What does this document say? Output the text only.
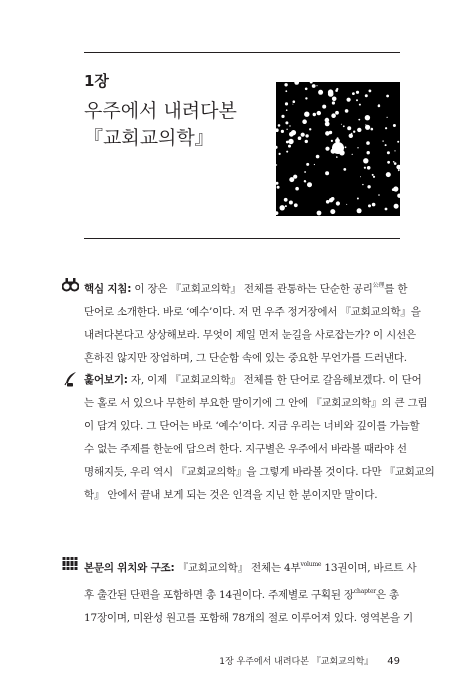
1장
우주에서 내려다본
『교회교의학』
핵심 지침: 이 장은 『교회교의학』 전체를 관통하는 단순한 공리$^{公理}$를 한
단어로 소개한다. 바로 ‘예수’이다. 저 먼 우주 정거장에서 『교회교의학』을
내려다본다고 상상해보라. 무엇이 제일 먼저 눈길을 사로잡는가? 이 시선은
흔하진 않지만 장엄하며, 그 단순함 속에 있는 중요한 무언가를 드러낸다.
훑어보기: 자, 이제 『교회교의학』 전체를 한 단어로 갈음해보겠다. 이 단어
는 홀로 서 있으나 무한히 부요한 말이기에 그 안에 『교회교의학』의 큰 그림
이 담겨 있다. 그 단어는 바로 ‘예수’이다. 지금 우리는 너비와 깊이를 가늠할
수 없는 주제를 한눈에 담으려 한다. 지구별은 우주에서 바라볼 때라야 선
명해지듯, 우리 역시 『교회교의학』을 그렇게 바라볼 것이다. 다만 『교회교의
학』 안에서 끝내 보게 되는 것은 인격을 지닌 한 분이지만 말이다.
본문의 위치와 구조: 『교회교의학』 전체는 4부$^{volume}$ 13권이며, 바르트 사
후 출간된 단편을 포함하면 총 14권이다. 주제별로 구획된 장$^{chapter}$은 총
17장이며, 미완성 원고를 포함해 78개의 절로 이루어져 있다. 영역본을 기
1장 우주에서 내려다본 『교회교의학』 49
